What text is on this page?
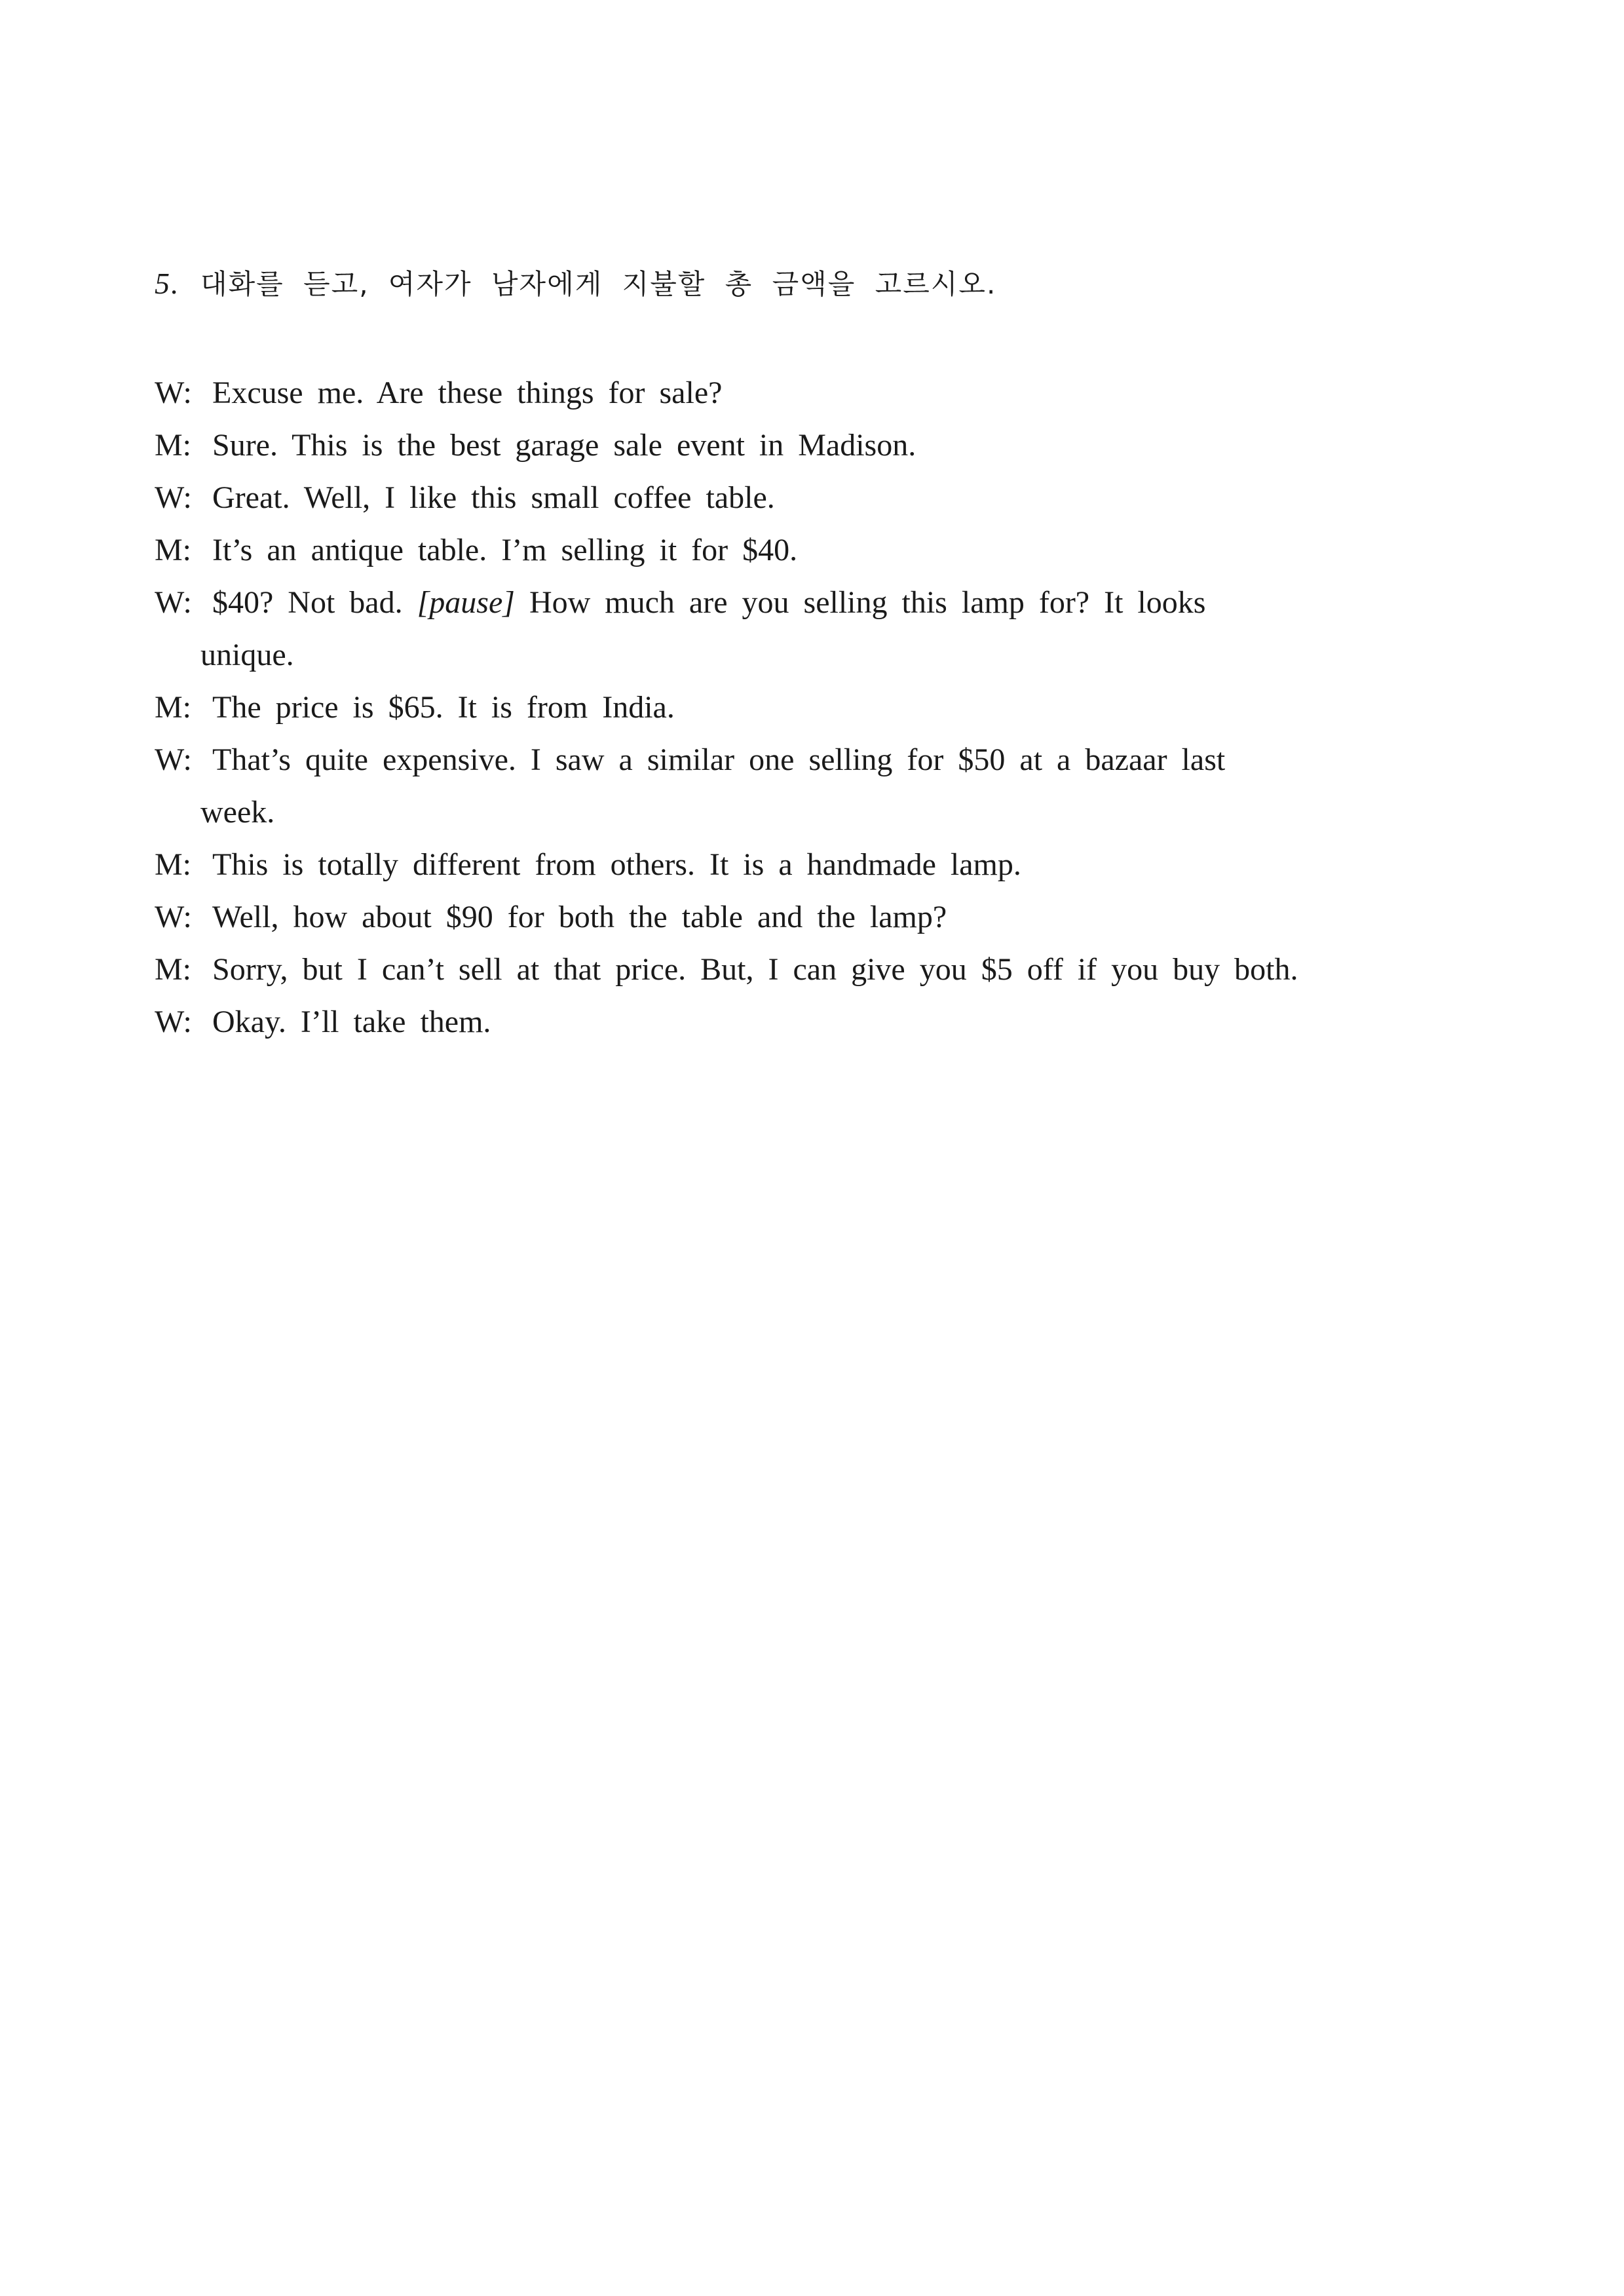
5. 대화를 듣고, 여자가 남자에게 지불할 총 금액을 고르시오.
W: Excuse me. Are these things for sale?
M: Sure. This is the best garage sale event in Madison.
W: Great. Well, I like this small coffee table.
M: It’s an antique table. I’m selling it for $40.
W: $40? Not bad. [pause] How much are you selling this lamp for? It looks
unique.
M: The price is $65. It is from India.
W: That’s quite expensive. I saw a similar one selling for $50 at a bazaar last
week.
M: This is totally different from others. It is a handmade lamp.
W: Well, how about $90 for both the table and the lamp?
M: Sorry, but I can’t sell at that price. But, I can give you $5 off if you buy both.
W: Okay. I’ll take them.
